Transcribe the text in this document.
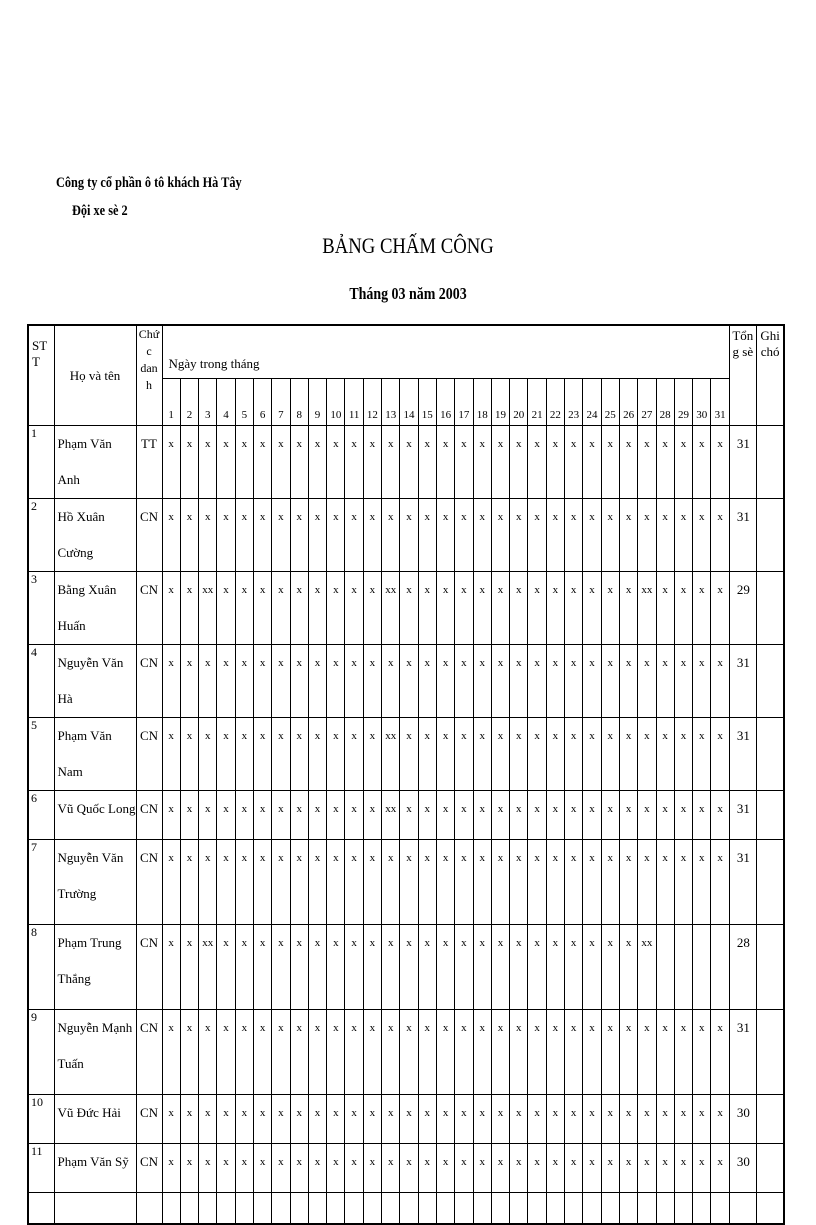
Công ty cổ phần ô tô khách Hà Tây
Đội xe sè 2
BẢNG CHẤM CÔNG
Tháng 03 năm 2003
ST T	Họ và tên	Chứ c dan h	Ngày trong tháng																															Tổn g sè	Ghi chó
			1	2	3	4	5	6	7	8	9	10	11	12	13	14	15	16	17	18	19	20	21	22	23	24	25	26	27	28	29	30	31		
1	Phạm Văn Anh	TT	x	x	x	x	x	x	x	x	x	x	x	x	x	x	x	x	x	x	x	x	x	x	x	x	x	x	x	x	x	x	x	31	
2	Hồ Xuân Cường	CN	x	x	x	x	x	x	x	x	x	x	x	x	x	x	x	x	x	x	x	x	x	x	x	x	x	x	x	x	x	x	x	31	
3	Bằng Xuân Huấn	CN	x	x	xx	x	x	x	x	x	x	x	x	x	xx	x	x	x	x	x	x	x	x	x	x	x	x	x	xx	x	x	x	x	29	
4	Nguyễn Văn Hà	CN	x	x	x	x	x	x	x	x	x	x	x	x	x	x	x	x	x	x	x	x	x	x	x	x	x	x	x	x	x	x	x	31	
5	Phạm Văn Nam	CN	x	x	x	x	x	x	x	x	x	x	x	x	xx	x	x	x	x	x	x	x	x	x	x	x	x	x	x	x	x	x	x	31	
6	Vũ Quốc Long	CN	x	x	x	x	x	x	x	x	x	x	x	x	xx	x	x	x	x	x	x	x	x	x	x	x	x	x	x	x	x	x	x	31	
7	Nguyễn Văn Trường	CN	x	x	x	x	x	x	x	x	x	x	x	x	x	x	x	x	x	x	x	x	x	x	x	x	x	x	x	x	x	x	x	31	
8	Phạm Trung Thắng	CN	x	x	xx	x	x	x	x	x	x	x	x	x	x	x	x	x	x	x	x	x	x	x	x	x	x	x	xx					28	
9	Nguyễn Mạnh Tuấn	CN	x	x	x	x	x	x	x	x	x	x	x	x	x	x	x	x	x	x	x	x	x	x	x	x	x	x	x	x	x	x	x	31	
10	Vũ Đức Hải	CN	x	x	x	x	x	x	x	x	x	x	x	x	x	x	x	x	x	x	x	x	x	x	x	x	x	x	x	x	x	x	x	30	
11	Phạm Văn Sỹ	CN	x	x	x	x	x	x	x	x	x	x	x	x	x	x	x	x	x	x	x	x	x	x	x	x	x	x	x	x	x	x	x	30	
